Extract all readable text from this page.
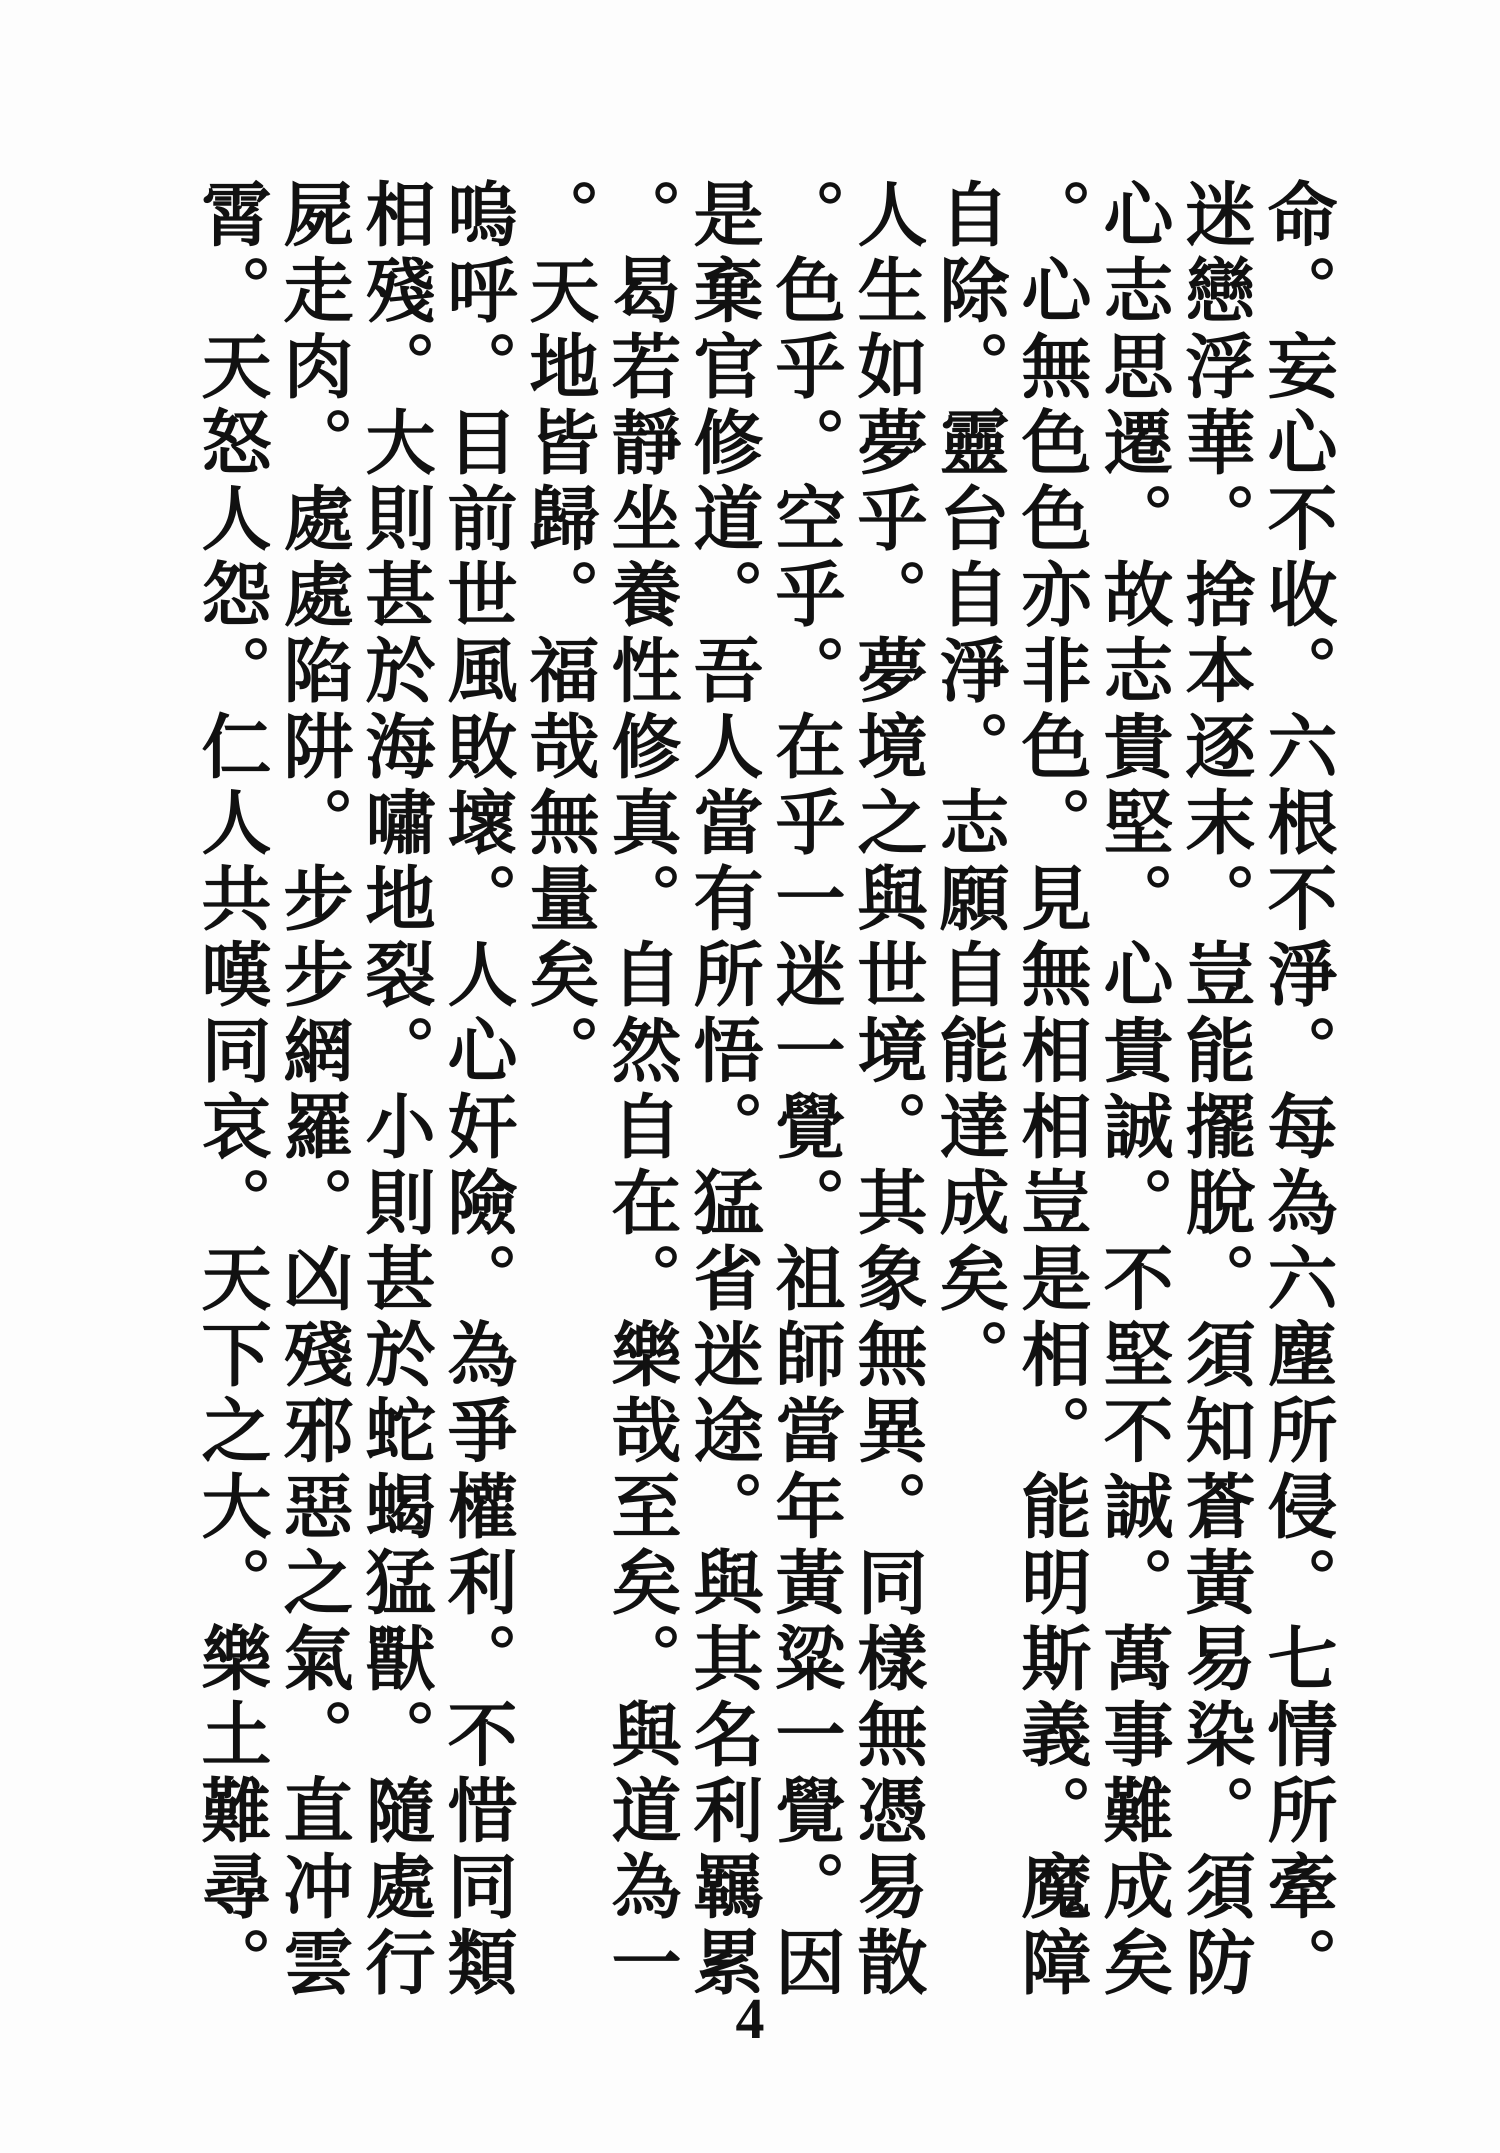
命。妄心不收。六根不淨。每為六塵所侵。七情所牽。
迷戀浮華。捨本逐末。豈能擺脫。須知蒼黃易染。須防
心志思遷。故志貴堅。心貴誠。不堅不誠。萬事難成矣
。心無色色亦非色。見無相相豈是相。能明斯義。魔障
自除。靈台自淨。志願自能達成矣。
人生如夢乎。夢境之與世境。其象無異。同樣無憑易散
。色乎。空乎。在乎一迷一覺。祖師當年黃粱一覺。因
是棄官修道。吾人當有所悟。猛省迷途。與其名利羈累
。曷若靜坐養性修真。自然自在。樂哉至矣。與道為一
。天地皆歸。福哉無量矣。
嗚呼。目前世風敗壞。人心奸險。為爭權利。不惜同類
相殘。大則甚於海嘯地裂。小則甚於蛇蝎猛獸。隨處行
屍走肉。處處陷阱。步步網羅。凶殘邪惡之氣。直冲雲
霄。天怒人怨。仁人共嘆同哀。天下之大。樂土難尋。
4
